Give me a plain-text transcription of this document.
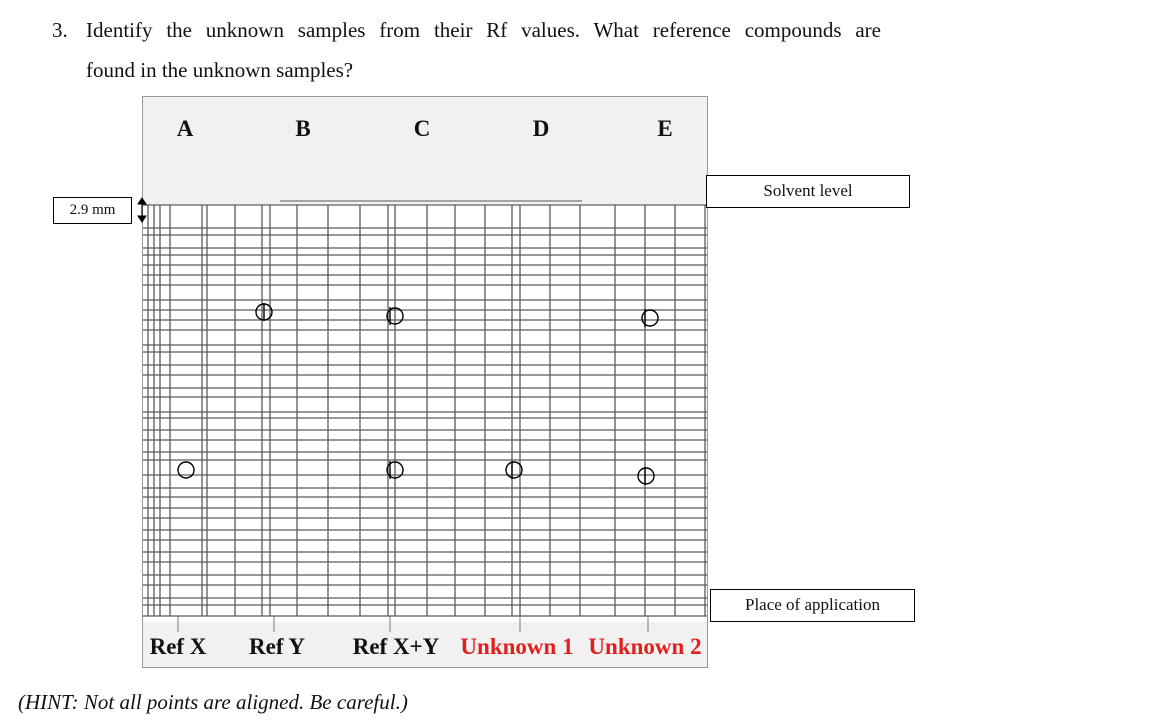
3. Identify the unknown samples from their Rf values. What reference compounds are
found in the unknown samples?
A	B	C	D	E
2.9 mm
Solvent level
Place of application
Ref X Ref Y Ref X+Y Unknown 1 Unknown 2
(HINT: Not all points are aligned. Be careful.)
